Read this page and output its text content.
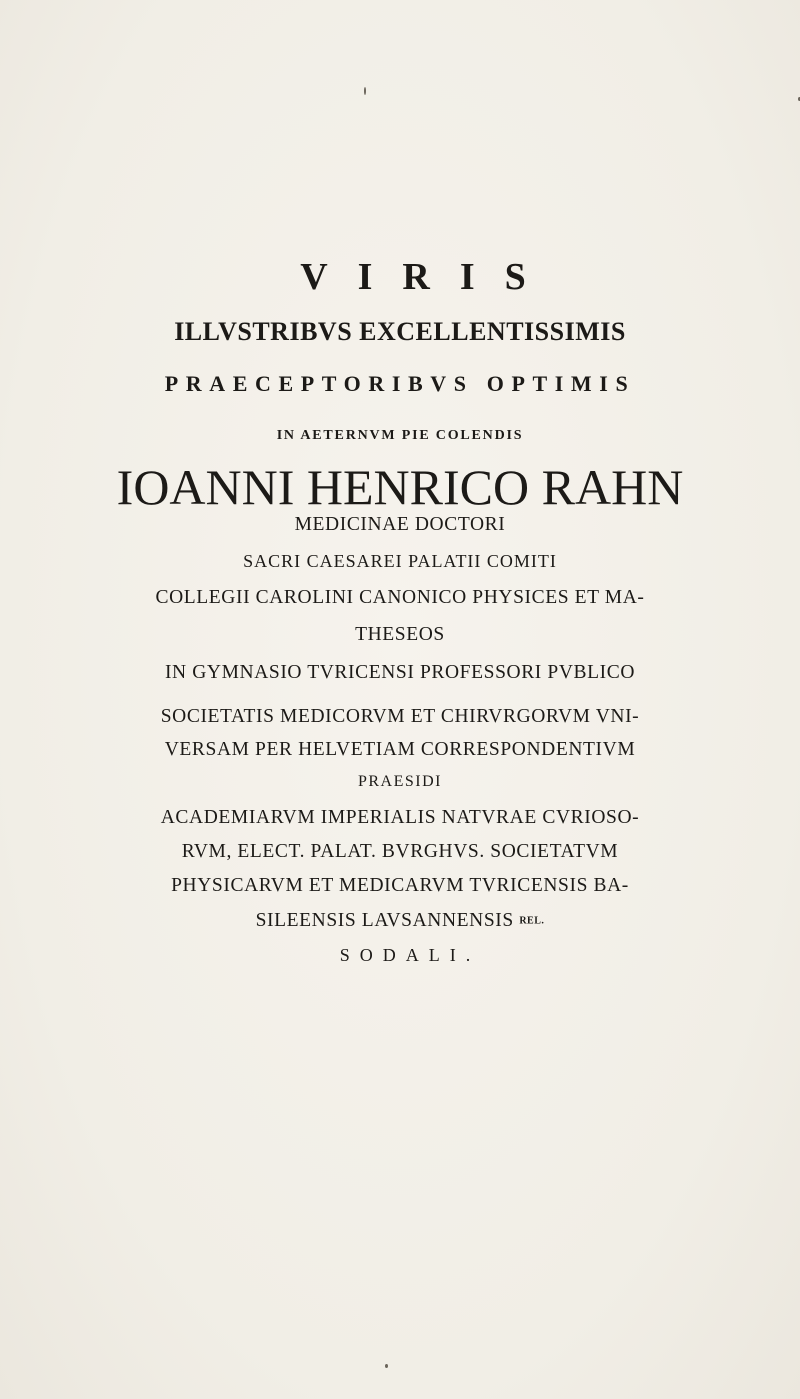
VIRIS
ILLVSTRIBVS EXCELLENTISSIMIS
PRAECEPTORIBVS OPTIMIS
IN AETERNVM PIE COLENDIS
IOANNI HENRICO RAHN
MEDICINAE DOCTORI
SACRI CAESAREI PALATII COMITI
COLLEGII CAROLINI CANONICO PHYSICES ET MA-
THESEOS
IN GYMNASIO TVRICENSI PROFESSORI PVBLICO
SOCIETATIS MEDICORVM ET CHIRVRGORVM VNI-
VERSAM PER HELVETIAM CORRESPONDENTIVM
PRAESIDI
ACADEMIARVM IMPERIALIS NATVRAE CVRIOSO-
RVM, ELECT. PALAT. BVRGHVS. SOCIETATVM
PHYSICARVM ET MEDICARVM TVRICENSIS BA-
SILEENSIS LAVSANNENSIS REL.
SODALI.
